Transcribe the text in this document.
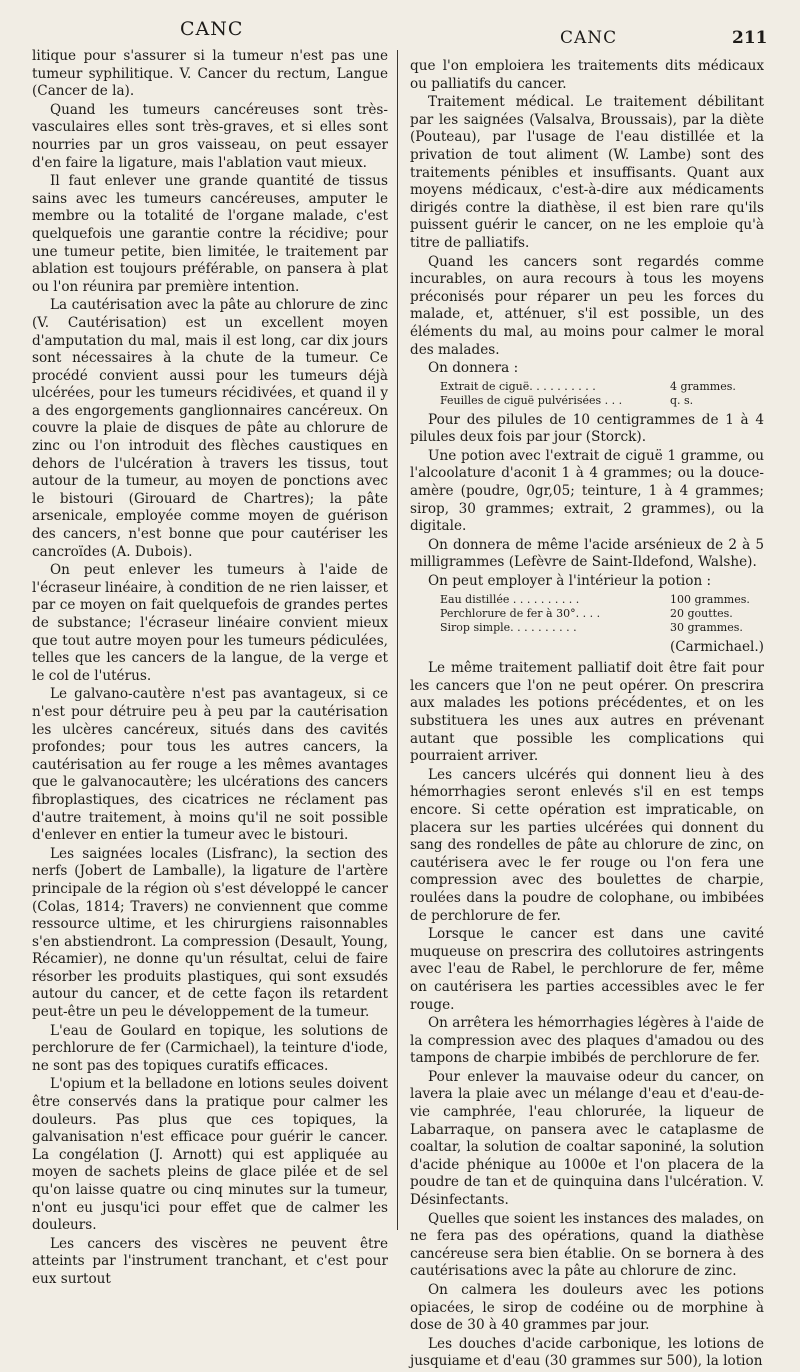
CANC	CANC	211

litique pour s'assurer si la tumeur n'est pas une tumeur syphilitique. V. Cancer du rectum, Langue (Cancer de la).

Quand les tumeurs cancéreuses sont très-vasculaires elles sont très-graves, et si elles sont nourries par un gros vaisseau, on peut essayer d'en faire la ligature, mais l'ablation vaut mieux.

Il faut enlever une grande quantité de tissus sains avec les tumeurs cancéreuses, amputer le membre ou la totalité de l'organe malade, c'est quelquefois une garantie contre la récidive; pour une tumeur petite, bien limitée, le traitement par ablation est toujours préférable, on pansera à plat ou l'on réunira par première intention.

La cautérisation avec la pâte au chlorure de zinc (V. Cautérisation) est un excellent moyen d'amputation du mal, mais il est long, car dix jours sont nécessaires à la chute de la tumeur. Ce procédé convient aussi pour les tumeurs déjà ulcérées, pour les tumeurs récidivées, et quand il y a des engorgements ganglionnaires cancéreux. On couvre la plaie de disques de pâte au chlorure de zinc ou l'on introduit des flèches caustiques en dehors de l'ulcération à travers les tissus, tout autour de la tumeur, au moyen de ponctions avec le bistouri (Girouard de Chartres); la pâte arsenicale, employée comme moyen de guérison des cancers, n'est bonne que pour cautériser les cancroïdes (A. Dubois).

On peut enlever les tumeurs à l'aide de l'écraseur linéaire, à condition de ne rien laisser, et par ce moyen on fait quelquefois de grandes pertes de substance; l'écraseur linéaire convient mieux que tout autre moyen pour les tumeurs pédiculées, telles que les cancers de la langue, de la verge et le col de l'utérus.

Le galvano-cautère n'est pas avantageux, si ce n'est pour détruire peu à peu par la cautérisation les ulcères cancéreux, situés dans des cavités profondes; pour tous les autres cancers, la cautérisation au fer rouge a les mêmes avantages que le galvanocautère; les ulcérations des cancers fibroplastiques, des cicatrices ne réclament pas d'autre traitement, à moins qu'il ne soit possible d'enlever en entier la tumeur avec le bistouri.

Les saignées locales (Lisfranc), la section des nerfs (Jobert de Lamballe), la ligature de l'artère principale de la région où s'est développé le cancer (Colas, 1814; Travers) ne conviennent que comme ressource ultime, et les chirurgiens raisonnables s'en abstiendront. La compression (Desault, Young, Récamier), ne donne qu'un résultat, celui de faire résorber les produits plastiques, qui sont exsudés autour du cancer, et de cette façon ils retardent peut-être un peu le développement de la tumeur.

L'eau de Goulard en topique, les solutions de perchlorure de fer (Carmichael), la teinture d'iode, ne sont pas des topiques curatifs efficaces.

L'opium et la belladone en lotions seules doivent être conservés dans la pratique pour calmer les douleurs. Pas plus que ces topiques, la galvanisation n'est efficace pour guérir le cancer. La congélation (J. Arnott) qui est appliquée au moyen de sachets pleins de glace pilée et de sel qu'on laisse quatre ou cinq minutes sur la tumeur, n'ont eu jusqu'ici pour effet que de calmer les douleurs.

Les cancers des viscères ne peuvent être atteints par l'instrument tranchant, et c'est pour eux surtout

que l'on emploiera les traitements dits médicaux ou palliatifs du cancer.

Traitement médical. Le traitement débilitant par les saignées (Valsalva, Broussais), par la diète (Pouteau), par l'usage de l'eau distillée et la privation de tout aliment (W. Lambe) sont des traitements pénibles et insuffisants. Quant aux moyens médicaux, c'est-à-dire aux médicaments dirigés contre la diathèse, il est bien rare qu'ils puissent guérir le cancer, on ne les emploie qu'à titre de palliatifs.

Quand les cancers sont regardés comme incurables, on aura recours à tous les moyens préconisés pour réparer un peu les forces du malade, et, atténuer, s'il est possible, un des éléments du mal, au moins pour calmer le moral des malades.

On donnera :

Extrait de ciguë. . . . . . . . . .	4 grammes.
Feuilles de ciguë pulvérisées . . .	q. s.

Pour des pilules de 10 centigrammes de 1 à 4 pilules deux fois par jour (Storck).

Une potion avec l'extrait de ciguë 1 gramme, ou l'alcoolature d'aconit 1 à 4 grammes; ou la douce-amère (poudre, 0gr,05; teinture, 1 à 4 grammes; sirop, 30 grammes; extrait, 2 grammes), ou la digitale.

On donnera de même l'acide arsénieux de 2 à 5 milligrammes (Lefèvre de Saint-Ildefond, Walshe).

On peut employer à l'intérieur la potion :

Eau distillée . . . . . . . . . .	100 grammes.
Perchlorure de fer à 30°. . . .	20 gouttes.
Sirop simple. . . . . . . . . .	30 grammes.

(Carmichael.)

Le même traitement palliatif doit être fait pour les cancers que l'on ne peut opérer. On prescrira aux malades les potions précédentes, et on les substituera les unes aux autres en prévenant autant que possible les complications qui pourraient arriver.

Les cancers ulcérés qui donnent lieu à des hémorrhagies seront enlevés s'il en est temps encore. Si cette opération est impraticable, on placera sur les parties ulcérées qui donnent du sang des rondelles de pâte au chlorure de zinc, on cautérisera avec le fer rouge ou l'on fera une compression avec des boulettes de charpie, roulées dans la poudre de colophane, ou imbibées de perchlorure de fer.

Lorsque le cancer est dans une cavité muqueuse on prescrira des collutoires astringents avec l'eau de Rabel, le perchlorure de fer, même on cautérisera les parties accessibles avec le fer rouge.

On arrêtera les hémorrhagies légères à l'aide de la compression avec des plaques d'amadou ou des tampons de charpie imbibés de perchlorure de fer.

Pour enlever la mauvaise odeur du cancer, on lavera la plaie avec un mélange d'eau et d'eau-de-vie camphrée, l'eau chlorurée, la liqueur de Labarraque, on pansera avec le cataplasme de coaltar, la solution de coaltar saponiné, la solution d'acide phénique au 1000e et l'on placera de la poudre de tan et de quinquina dans l'ulcération. V. Désinfectants.

Quelles que soient les instances des malades, on ne fera pas des opérations, quand la diathèse cancéreuse sera bien établie. On se bornera à des cautérisations avec la pâte au chlorure de zinc.

On calmera les douleurs avec les potions opiacées, le sirop de codéine ou de morphine à dose de 30 à 40 grammes par jour.

Les douches d'acide carbonique, les lotions de jusquiame et d'eau (30 grammes sur 500), la lotion
